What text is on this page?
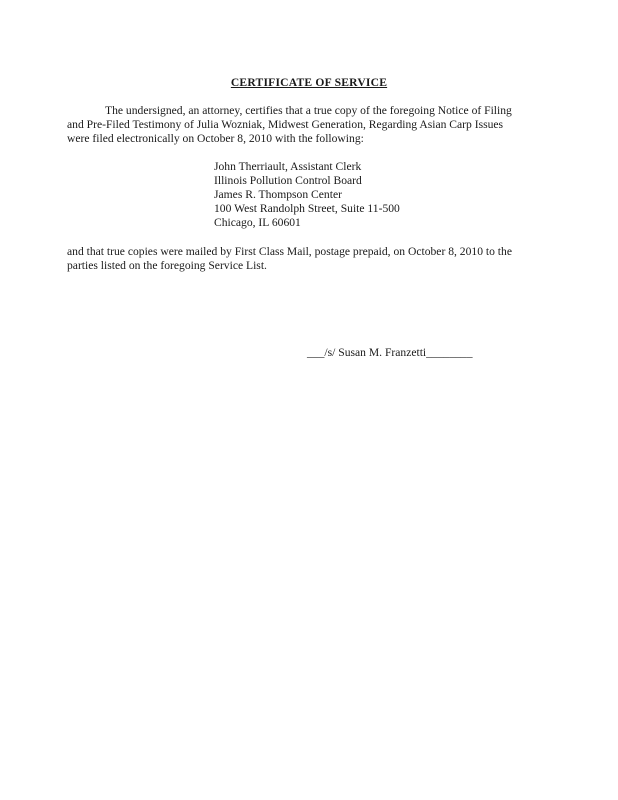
CERTIFICATE OF SERVICE

The undersigned, an attorney, certifies that a true copy of the foregoing Notice of Filing
and Pre-Filed Testimony of Julia Wozniak, Midwest Generation, Regarding Asian Carp Issues
were filed electronically on October 8, 2010 with the following:

John Therriault, Assistant Clerk
Illinois Pollution Control Board
James R. Thompson Center
100 West Randolph Street, Suite 11-500
Chicago, IL 60601

and that true copies were mailed by First Class Mail, postage prepaid, on October 8, 2010 to the
parties listed on the foregoing Service List.

___/s/ Susan M. Franzetti________
